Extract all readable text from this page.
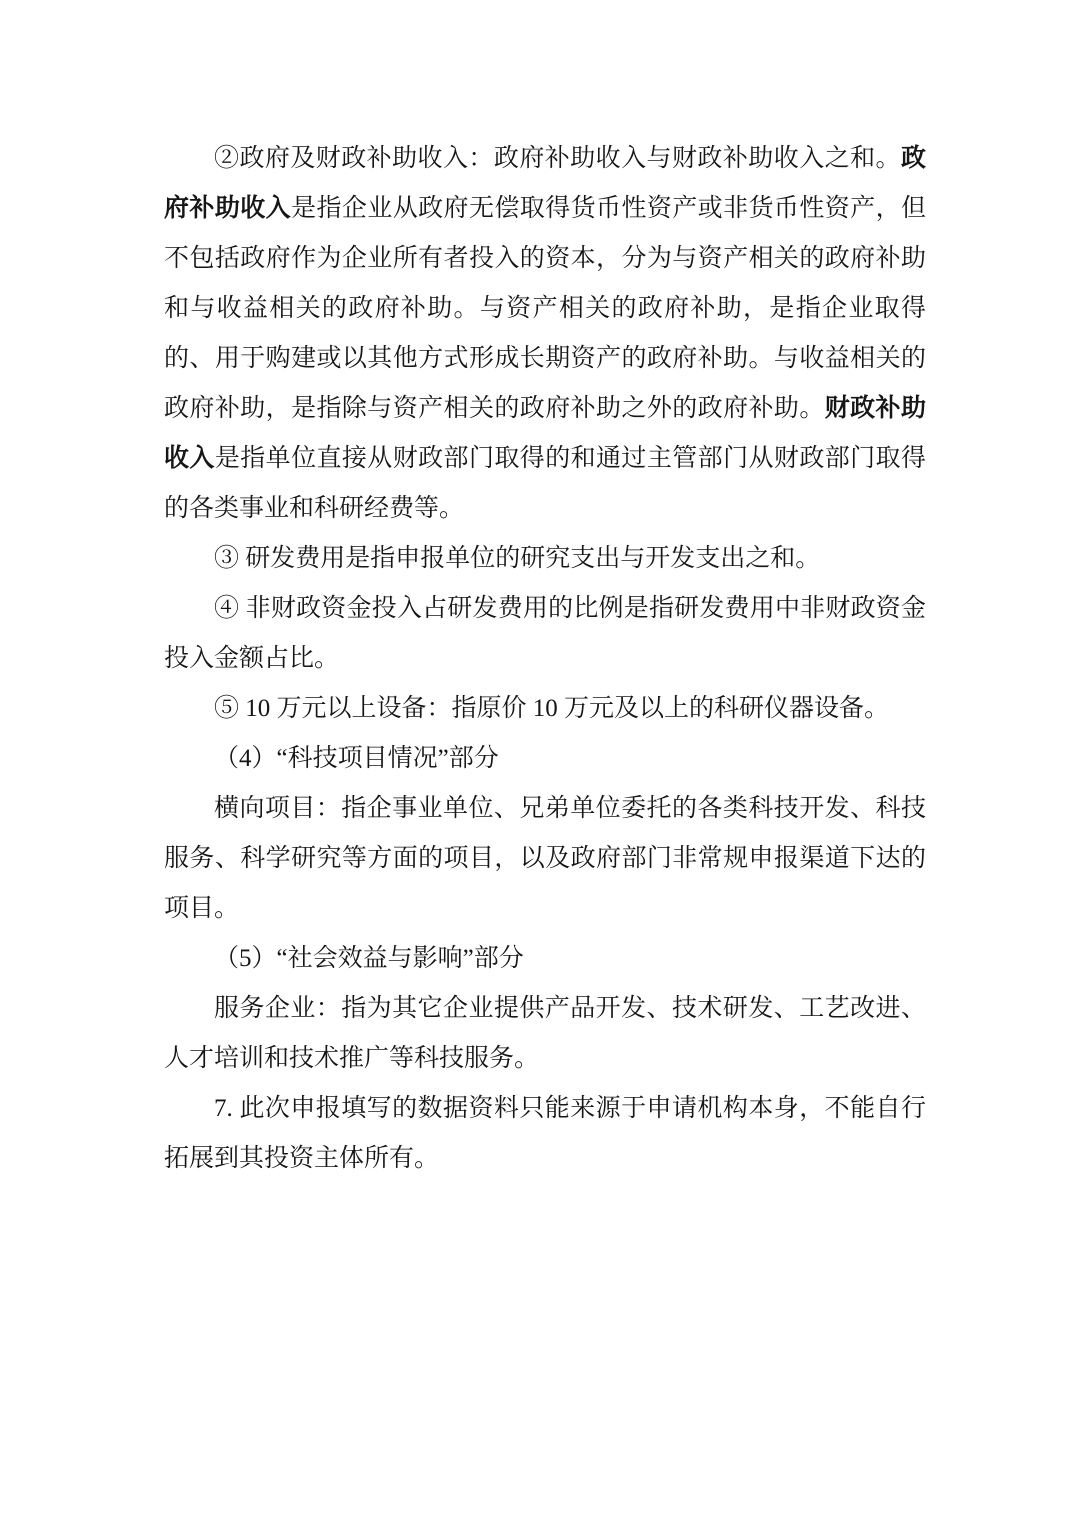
②政府及财政补助收入：政府补助收入与财政补助收入之和。政府补助收入是指企业从政府无偿取得货币性资产或非货币性资产，但不包括政府作为企业所有者投入的资本，分为与资产相关的政府补助和与收益相关的政府补助。与资产相关的政府补助，是指企业取得的、用于购建或以其他方式形成长期资产的政府补助。与收益相关的政府补助，是指除与资产相关的政府补助之外的政府补助。财政补助收入是指单位直接从财政部门取得的和通过主管部门从财政部门取得的各类事业和科研经费等。

③ 研发费用是指申报单位的研究支出与开发支出之和。

④ 非财政资金投入占研发费用的比例是指研发费用中非财政资金投入金额占比。

⑤ 10 万元以上设备：指原价 10 万元及以上的科研仪器设备。

（4）“科技项目情况”部分

横向项目：指企事业单位、兄弟单位委托的各类科技开发、科技服务、科学研究等方面的项目，以及政府部门非常规申报渠道下达的项目。

（5）“社会效益与影响”部分

服务企业：指为其它企业提供产品开发、技术研发、工艺改进、人才培训和技术推广等科技服务。

7. 此次申报填写的数据资料只能来源于申请机构本身，不能自行拓展到其投资主体所有。
